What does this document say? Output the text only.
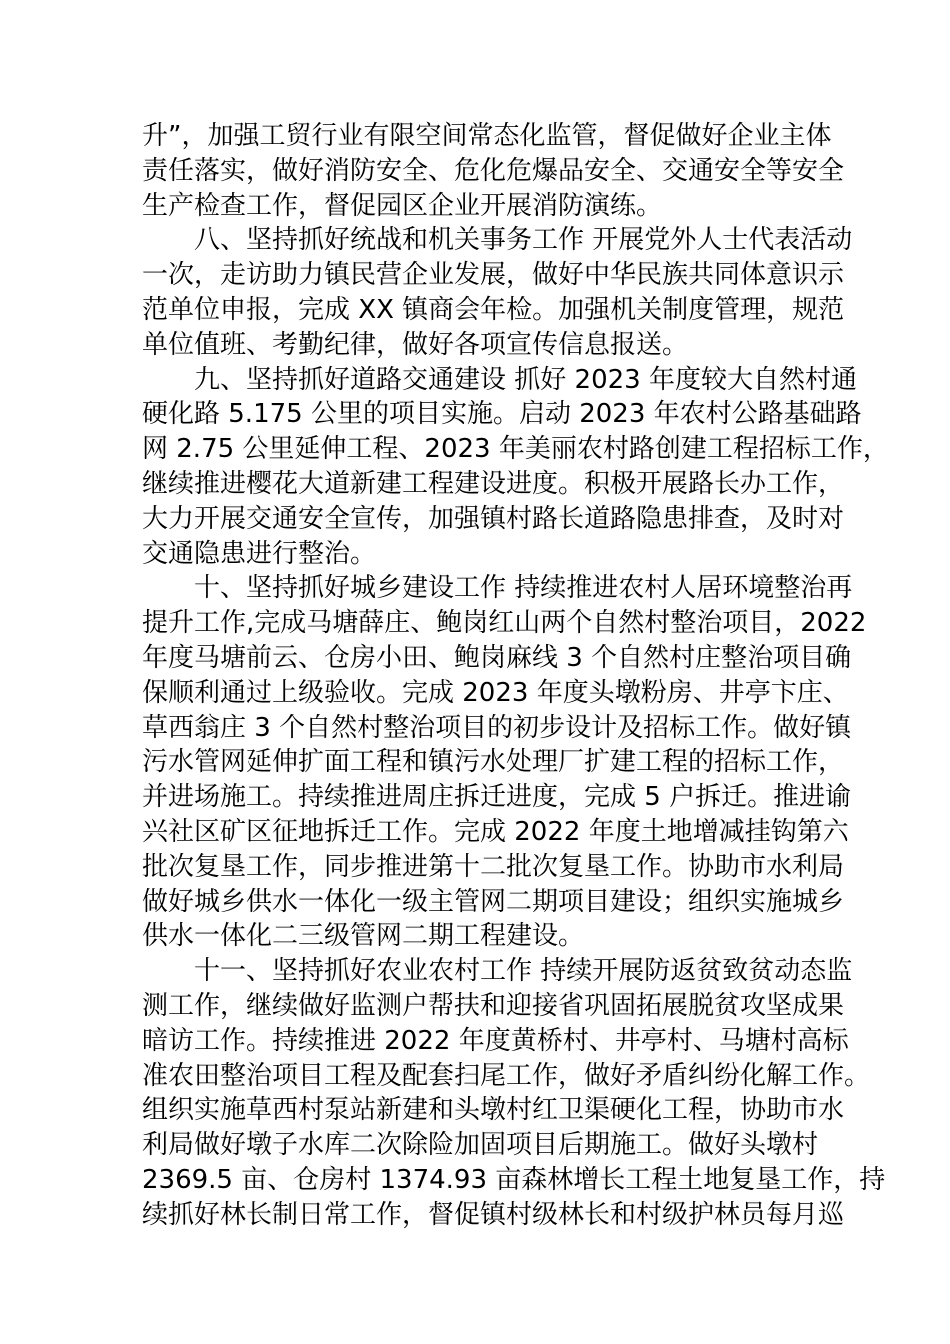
升”，加强工贸行业有限空间常态化监管，督促做好企业主体
责任落实，做好消防安全、危化危爆品安全、交通安全等安全
生产检查工作，督促园区企业开展消防演练。
八、坚持抓好统战和机关事务工作 开展党外人士代表活动
一次，走访助力镇民营企业发展，做好中华民族共同体意识示
范单位申报，完成 XX 镇商会年检。加强机关制度管理，规范
单位值班、考勤纪律，做好各项宣传信息报送。
九、坚持抓好道路交通建设 抓好 2023 年度较大自然村通
硬化路 5.175 公里的项目实施。启动 2023 年农村公路基础路
网 2.75 公里延伸工程、2023 年美丽农村路创建工程招标工作，
继续推进樱花大道新建工程建设进度。积极开展路长办工作，
大力开展交通安全宣传，加强镇村路长道路隐患排查，及时对
交通隐患进行整治。
十、坚持抓好城乡建设工作 持续推进农村人居环境整治再
提升工作,完成马塘薛庄、鲍岗红山两个自然村整治项目，2022
年度马塘前云、仓房小田、鲍岗麻线 3 个自然村庄整治项目确
保顺利通过上级验收。完成 2023 年度头墩粉房、井亭卞庄、
草西翁庄 3 个自然村整治项目的初步设计及招标工作。做好镇
污水管网延伸扩面工程和镇污水处理厂扩建工程的招标工作，
并进场施工。持续推进周庄拆迁进度，完成 5 户拆迁。推进谕
兴社区矿区征地拆迁工作。完成 2022 年度土地增减挂钩第六
批次复垦工作，同步推进第十二批次复垦工作。协助市水利局
做好城乡供水一体化一级主管网二期项目建设；组织实施城乡
供水一体化二三级管网二期工程建设。
十一、坚持抓好农业农村工作 持续开展防返贫致贫动态监
测工作，继续做好监测户帮扶和迎接省巩固拓展脱贫攻坚成果
暗访工作。持续推进 2022 年度黄桥村、井亭村、马塘村高标
准农田整治项目工程及配套扫尾工作，做好矛盾纠纷化解工作。
组织实施草西村泵站新建和头墩村红卫渠硬化工程，协助市水
利局做好墩子水库二次除险加固项目后期施工。做好头墩村
2369.5 亩、仓房村 1374.93 亩森林增长工程土地复垦工作，持
续抓好林长制日常工作，督促镇村级林长和村级护林员每月巡
